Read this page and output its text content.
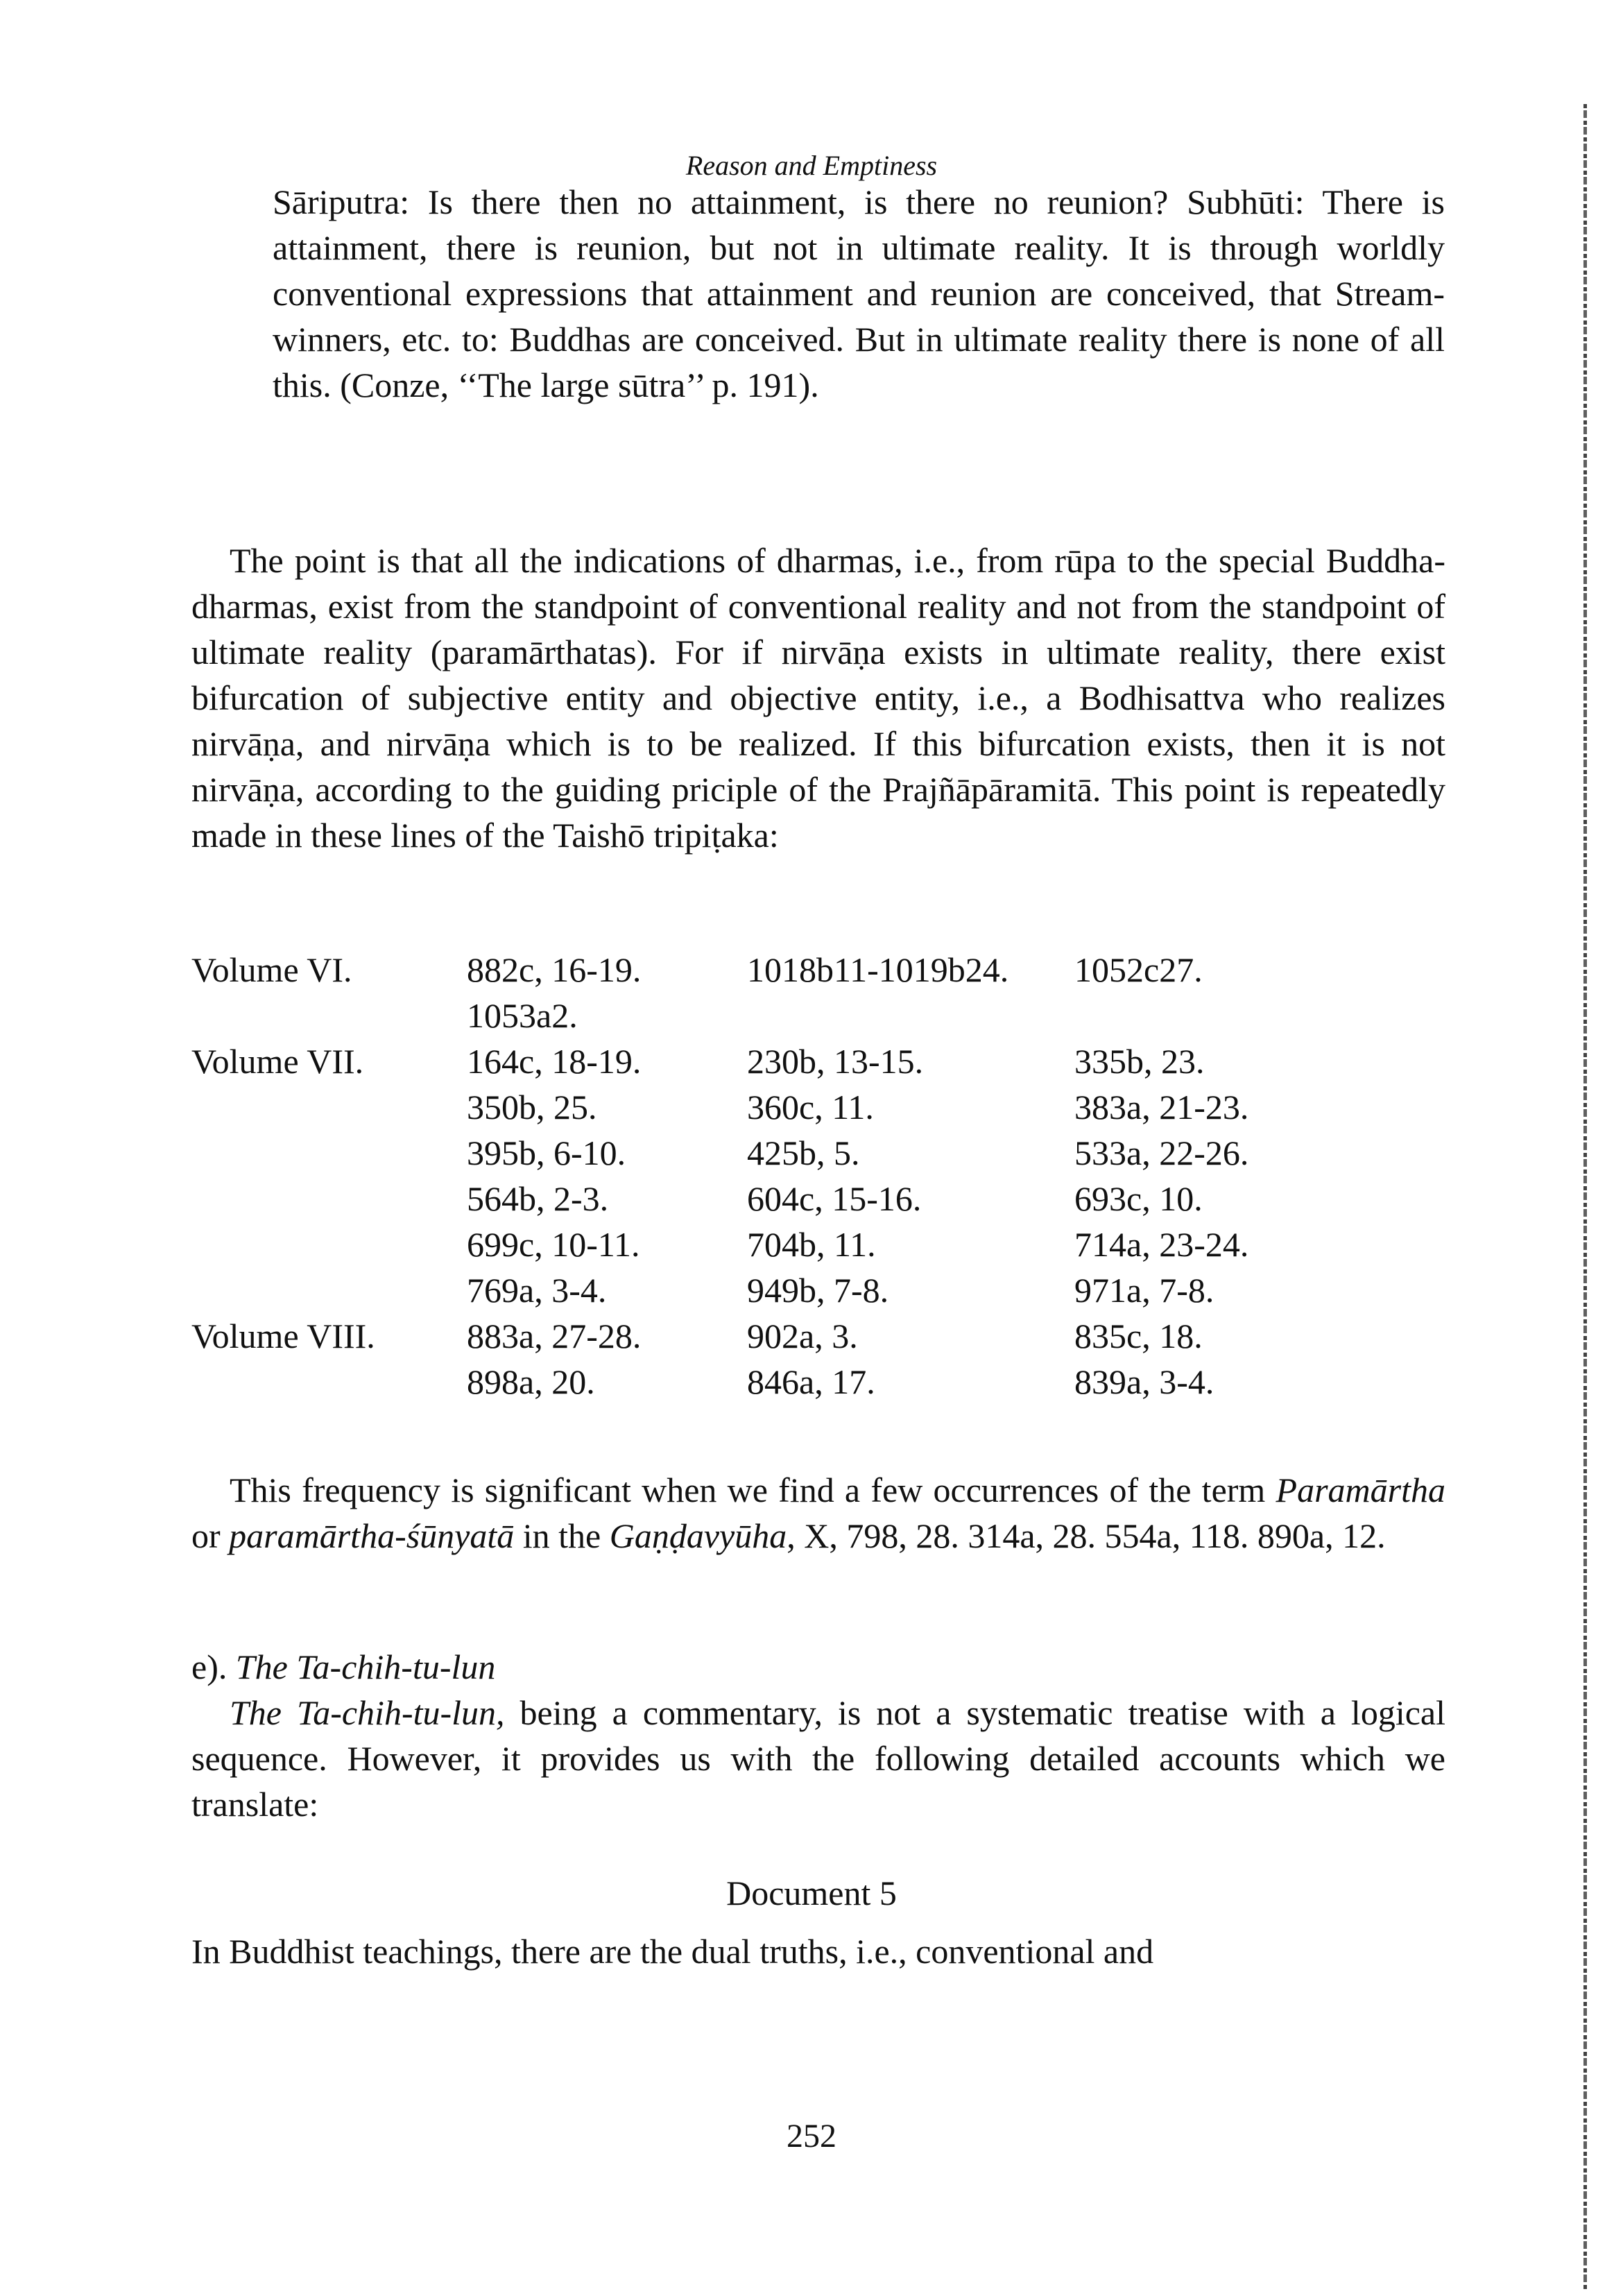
Reason and Emptiness

Sāriputra: Is there then no attainment, is there no reunion? Subhūti: There is attainment, there is reunion, but not in ultimate reality. It is through worldly conventional expressions that attainment and reunion are conceived, that Stream-winners, etc. to: Buddhas are conceived. But in ultimate reality there is none of all this. (Conze, ‘‘The large sūtra’’ p. 191).

The point is that all the indications of dharmas, i.e., from rūpa to the special Buddha-dharmas, exist from the standpoint of conventional reality and not from the standpoint of ultimate reality (paramārthatas). For if nirvāṇa exists in ultimate reality, there exist bifurcation of subjective entity and objective entity, i.e., a Bodhisattva who realizes nirvāṇa, and nirvāṇa which is to be realized. If this bifurcation exists, then it is not nirvāṇa, according to the guiding priciple of the Prajñāpāramitā. This point is repeatedly made in these lines of the Taishō tripiṭaka:

Volume VI.	882c, 16-19.	1018b11-1019b24.	1052c27.
	1053a2.		
Volume VII.	164c, 18-19.	230b, 13-15.	335b, 23.
	350b, 25.	360c, 11.	383a, 21-23.
	395b, 6-10.	425b, 5.	533a, 22-26.
	564b, 2-3.	604c, 15-16.	693c, 10.
	699c, 10-11.	704b, 11.	714a, 23-24.
	769a, 3-4.	949b, 7-8.	971a, 7-8.
Volume VIII.	883a, 27-28.	902a, 3.	835c, 18.
	898a, 20.	846a, 17.	839a, 3-4.

This frequency is significant when we find a few occurrences of the term Paramārtha or paramārtha-śūnyatā in the Gaṇḍavyūha, X, 798, 28. 314a, 28. 554a, 118. 890a, 12.

e). The Ta-chih-tu-lun

The Ta-chih-tu-lun, being a commentary, is not a systematic treatise with a logical sequence. However, it provides us with the following detailed accounts which we translate:

Document 5

In Buddhist teachings, there are the dual truths, i.e., conventional and

252
